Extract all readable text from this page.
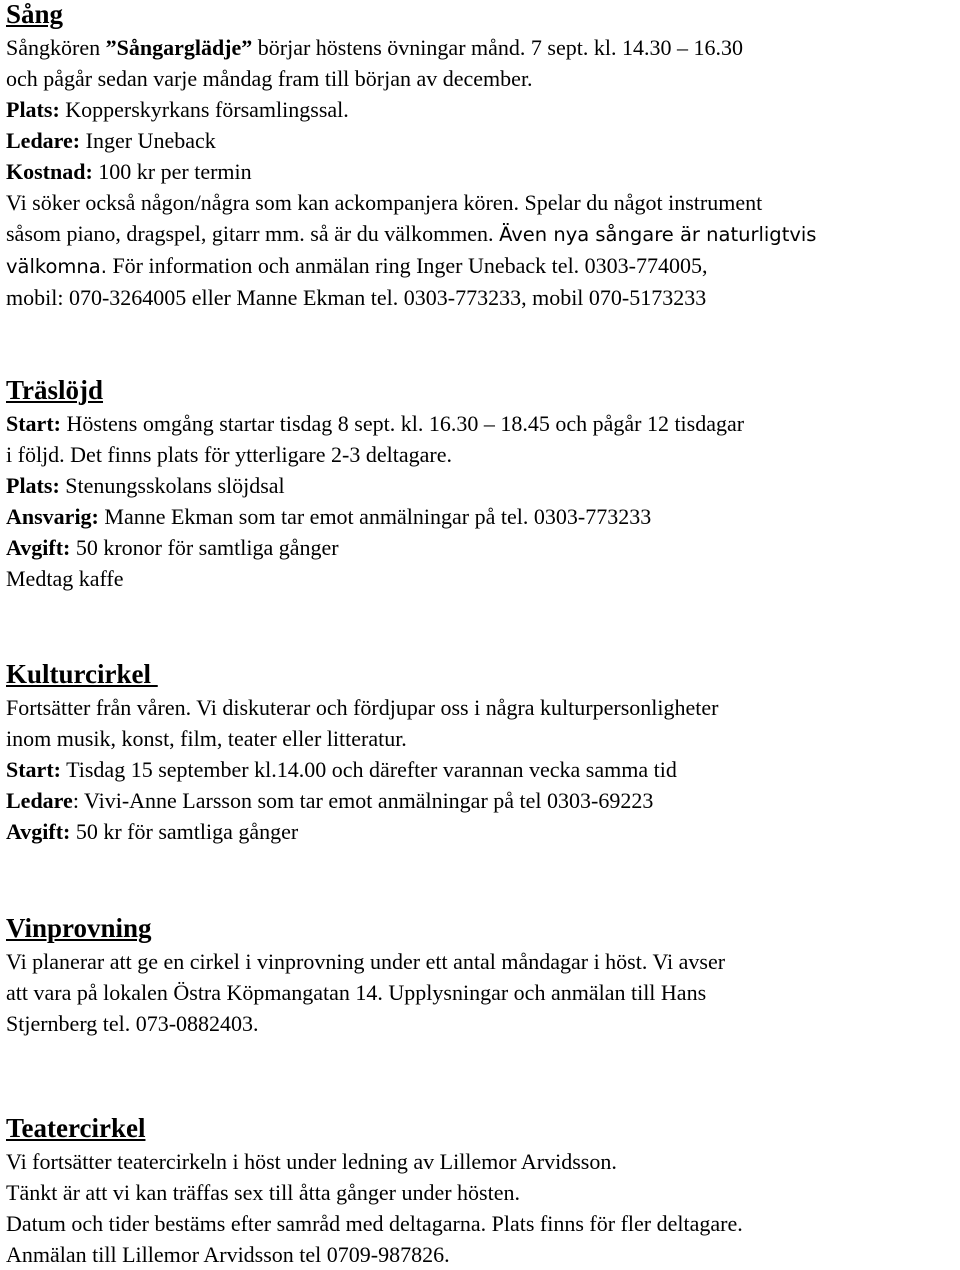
Sång

Sångkören ”Sångarglädje” börjar höstens övningar månd. 7 sept. kl. 14.30 – 16.30

och pågår sedan varje måndag fram till början av december.

Plats: Kopperskyrkans församlingssal.

Ledare: Inger Uneback

Kostnad: 100 kr per termin

Vi söker också någon/några som kan ackompanjera kören. Spelar du något instrument

såsom piano, dragspel, gitarr mm. så är du välkommen. Även nya sångare är naturligtvis

välkomna. För information och anmälan ring Inger Uneback tel. 0303-774005,

mobil: 070-3264005 eller Manne Ekman tel. 0303-773233, mobil 070-5173233

Träslöjd

Start: Höstens omgång startar tisdag 8 sept. kl. 16.30 – 18.45 och pågår 12 tisdagar

i följd. Det finns plats för ytterligare 2-3 deltagare.

Plats: Stenungsskolans slöjdsal

Ansvarig: Manne Ekman som tar emot anmälningar på tel. 0303-773233

Avgift: 50 kronor för samtliga gånger

Medtag kaffe

Kulturcirkel

Fortsätter från våren. Vi diskuterar och fördjupar oss i några kulturpersonligheter

inom musik, konst, film, teater eller litteratur.

Start: Tisdag 15 september kl.14.00 och därefter varannan vecka samma tid

Ledare: Vivi-Anne Larsson som tar emot anmälningar på tel 0303-69223

Avgift: 50 kr för samtliga gånger

Vinprovning

Vi planerar att ge en cirkel i vinprovning under ett antal måndagar i höst. Vi avser

att vara på lokalen Östra Köpmangatan 14. Upplysningar och anmälan till Hans

Stjernberg tel. 073-0882403.

Teatercirkel

Vi fortsätter teatercirkeln i höst under ledning av Lillemor Arvidsson.

Tänkt är att vi kan träffas sex till åtta gånger under hösten.

Datum och tider bestäms efter samråd med deltagarna. Plats finns för fler deltagare.

Anmälan till Lillemor Arvidsson tel 0709-987826.
